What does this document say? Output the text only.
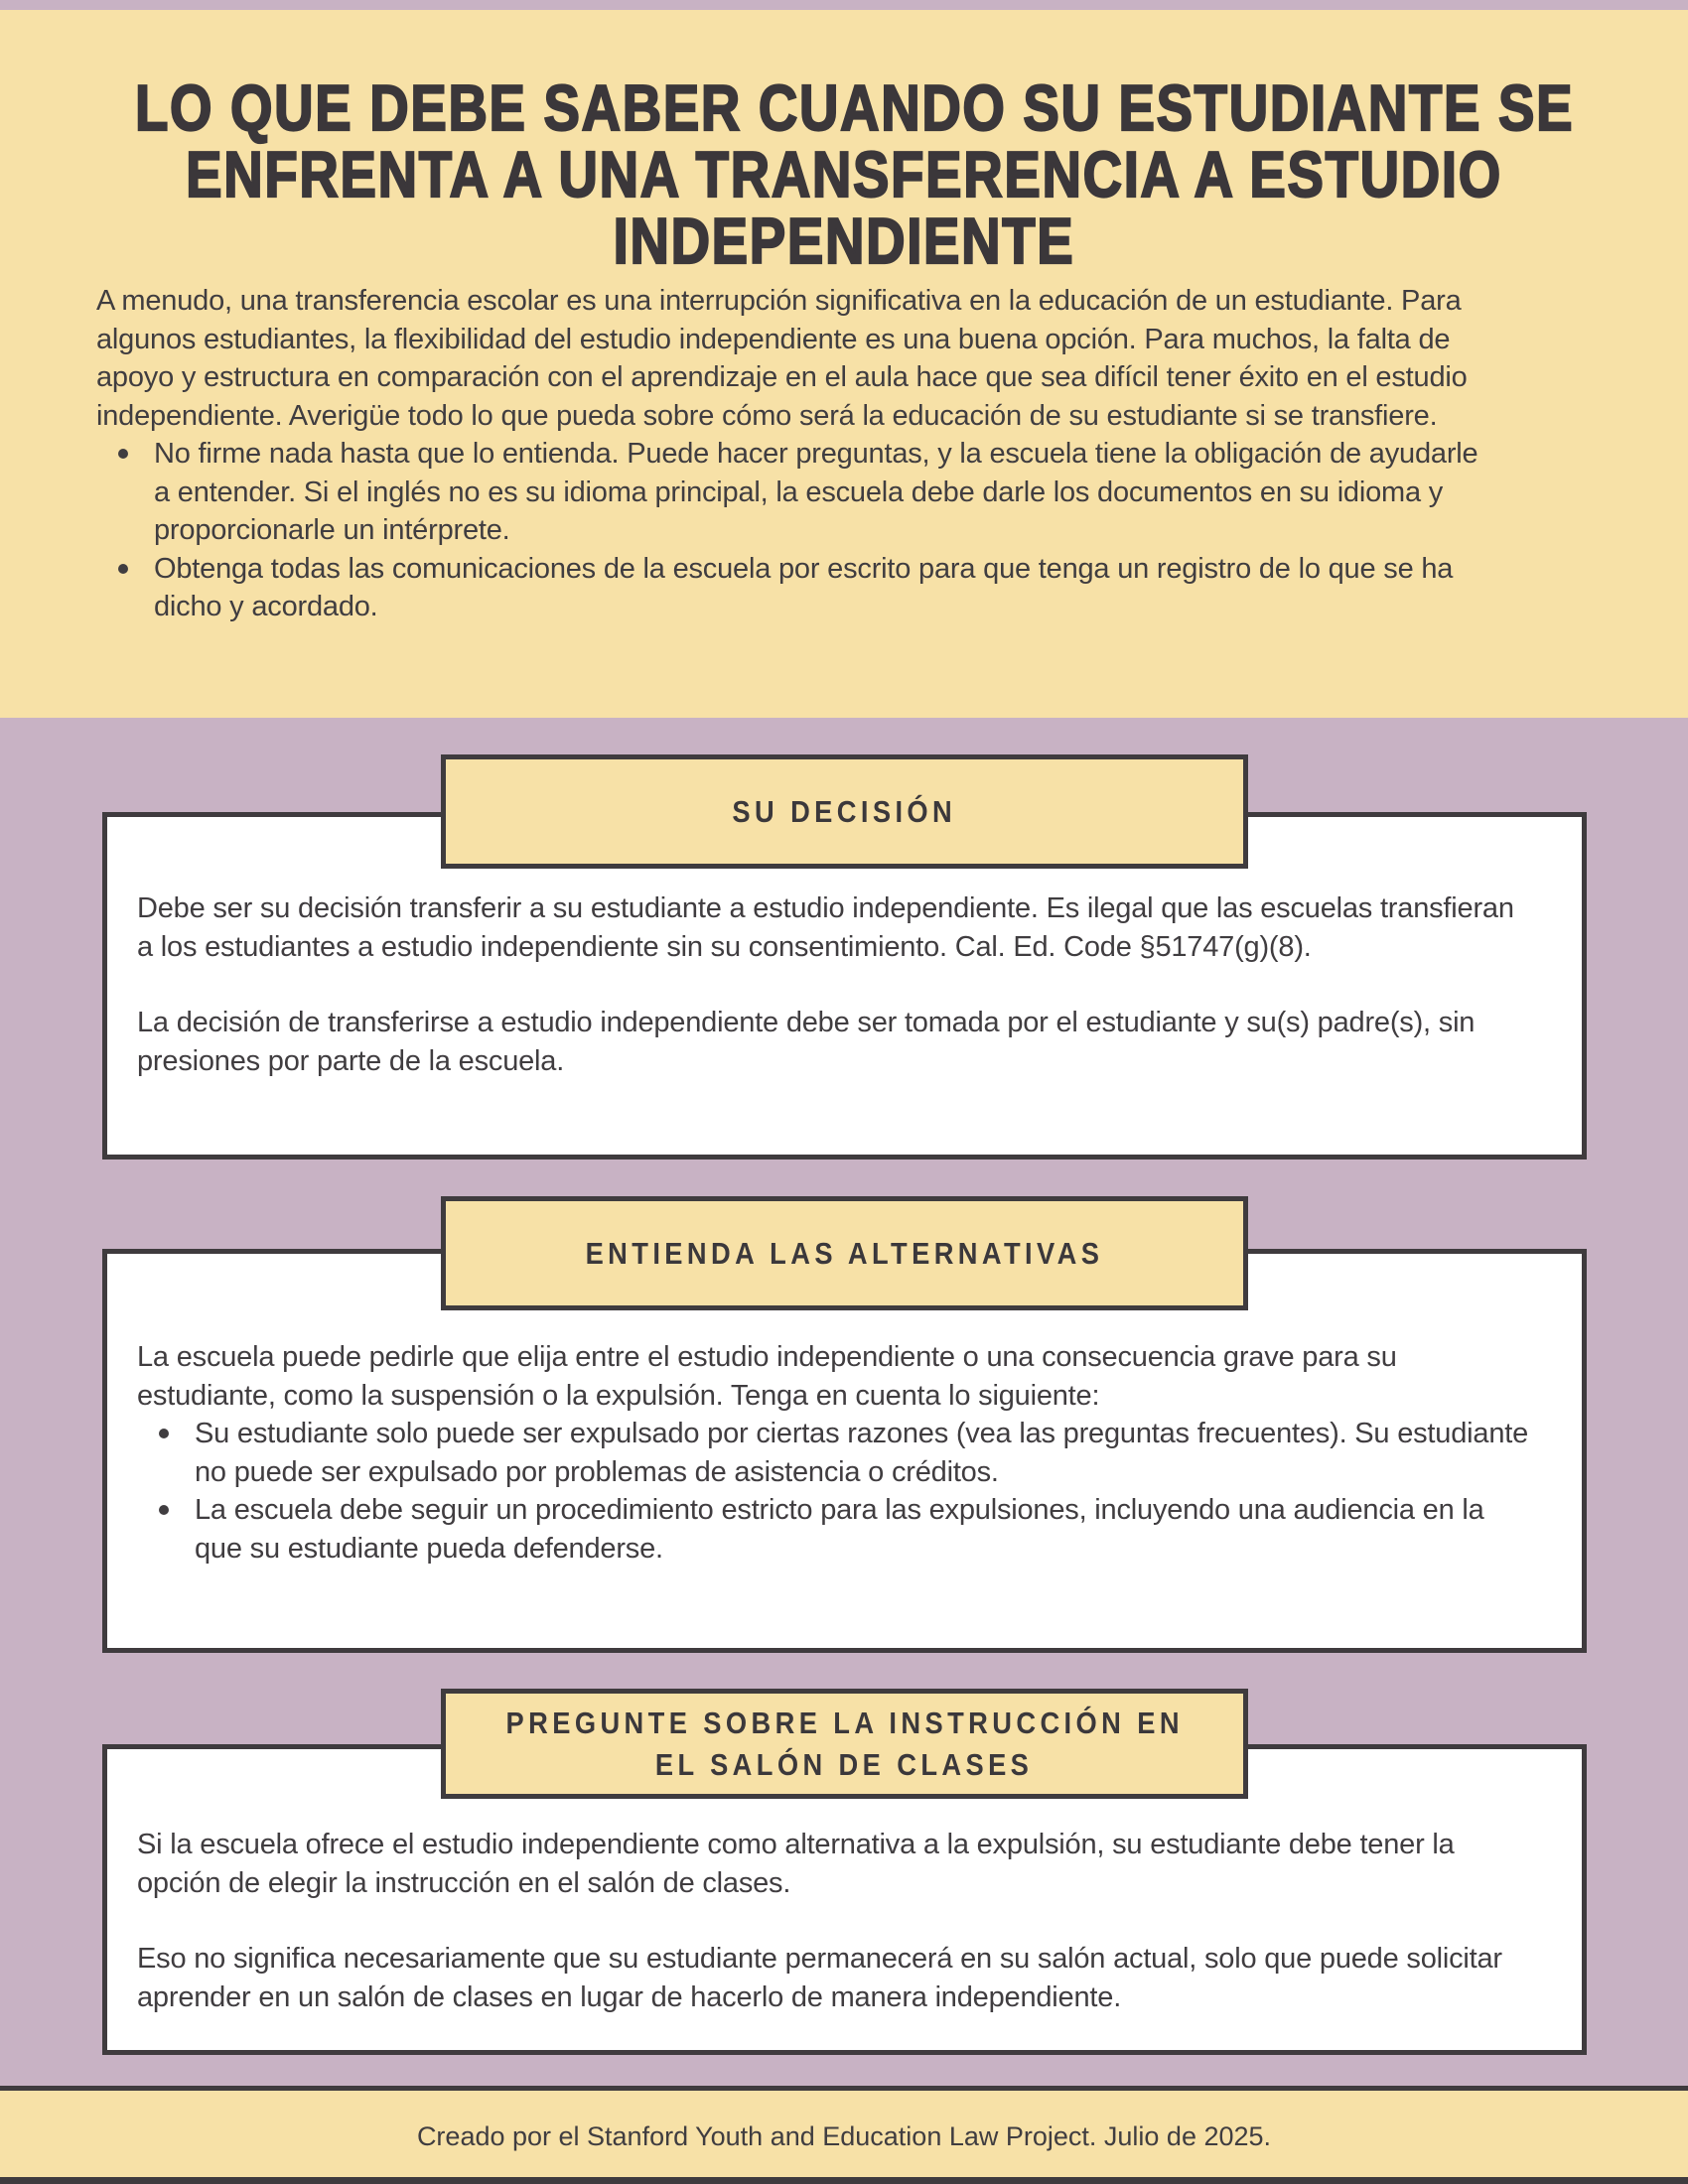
LO QUE DEBE SABER CUANDO SU ESTUDIANTE SE
ENFRENTA A UNA TRANSFERENCIA A ESTUDIO
INDEPENDIENTE

A menudo, una transferencia escolar es una interrupción significativa en la educación de un estudiante. Para algunos estudiantes, la flexibilidad del estudio independiente es una buena opción. Para muchos, la falta de apoyo y estructura en comparación con el aprendizaje en el aula hace que sea difícil tener éxito en el estudio independiente. Averigüe todo lo que pueda sobre cómo será la educación de su estudiante si se transfiere.

No firme nada hasta que lo entienda. Puede hacer preguntas, y la escuela tiene la obligación de ayudarle a entender. Si el inglés no es su idioma principal, la escuela debe darle los documentos en su idioma y proporcionarle un intérprete.
Obtenga todas las comunicaciones de la escuela por escrito para que tenga un registro de lo que se ha dicho y acordado.
SU DECISIÓN

Debe ser su decisión transferir a su estudiante a estudio independiente. Es ilegal que las escuelas transfieran a los estudiantes a estudio independiente sin su consentimiento. Cal. Ed. Code §51747(g)(8).

La decisión de transferirse a estudio independiente debe ser tomada por el estudiante y su(s) padre(s), sin presiones por parte de la escuela.

ENTIENDA LAS ALTERNATIVAS

La escuela puede pedirle que elija entre el estudio independiente o una consecuencia grave para su estudiante, como la suspensión o la expulsión. Tenga en cuenta lo siguiente:

Su estudiante solo puede ser expulsado por ciertas razones (vea las preguntas frecuentes). Su estudiante no puede ser expulsado por problemas de asistencia o créditos.
La escuela debe seguir un procedimiento estricto para las expulsiones, incluyendo una audiencia en la que su estudiante pueda defenderse.
PREGUNTE SOBRE LA INSTRUCCIÓN EN
EL SALÓN DE CLASES

Si la escuela ofrece el estudio independiente como alternativa a la expulsión, su estudiante debe tener la opción de elegir la instrucción en el salón de clases.

Eso no significa necesariamente que su estudiante permanecerá en su salón actual, solo que puede solicitar aprender en un salón de clases en lugar de hacerlo de manera independiente.

Creado por el Stanford Youth and Education Law Project. Julio de 2025.
